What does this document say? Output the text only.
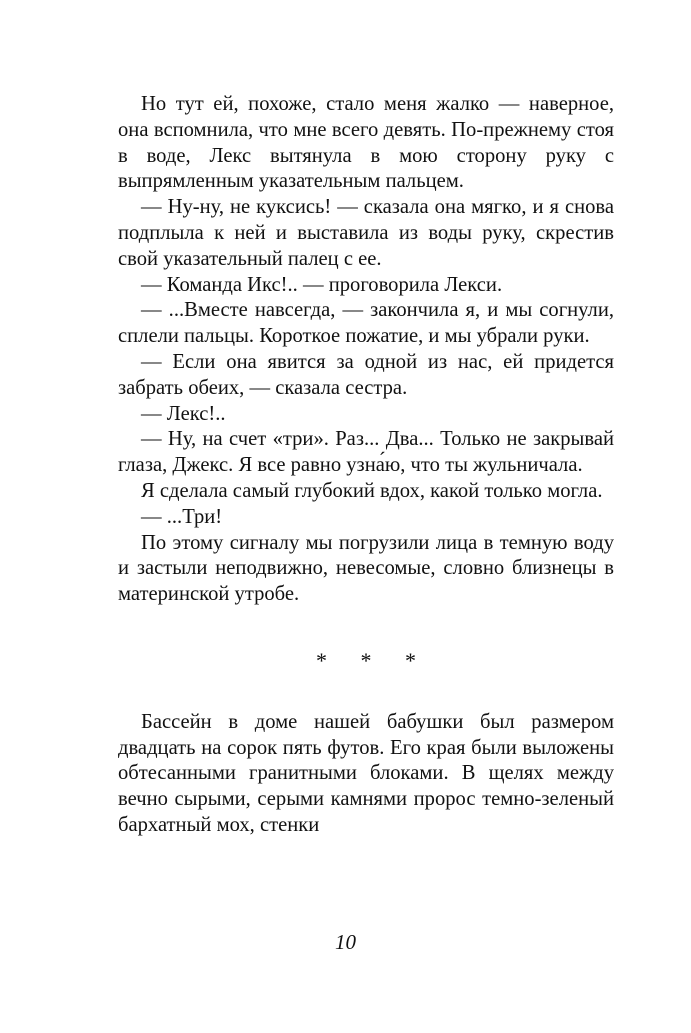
Но тут ей, похоже, стало меня жалко — наверное, она вспомнила, что мне всего девять. По-прежнему стоя в воде, Лекс вытянула в мою сторону руку с выпрямленным указательным пальцем.

— Ну-ну, не куксись! — сказала она мягко, и я снова подплыла к ней и выставила из воды руку, скрестив свой указательный палец с ее.

— Команда Икс!.. — проговорила Лекси.

— ...Вместе навсегда, — закончила я, и мы согнули, сплели пальцы. Короткое пожатие, и мы убрали руки.

— Если она явится за одной из нас, ей придется забрать обеих, — сказала сестра.

— Лекс!..

— Ну, на счет «три». Раз... Два... Только не закрывай глаза, Джекс. Я все равно узна́ю, что ты жульничала.

Я сделала самый глубокий вдох, какой только могла.

— ...Три!

По этому сигналу мы погрузили лица в темную воду и застыли неподвижно, невесомые, словно близнецы в материнской утробе.

* * *

Бассейн в доме нашей бабушки был размером двадцать на сорок пять футов. Его края были выложены обтесанными гранитными блоками. В щелях между вечно сырыми, серыми камнями пророс темно-зеленый бархатный мох, стенки

10
